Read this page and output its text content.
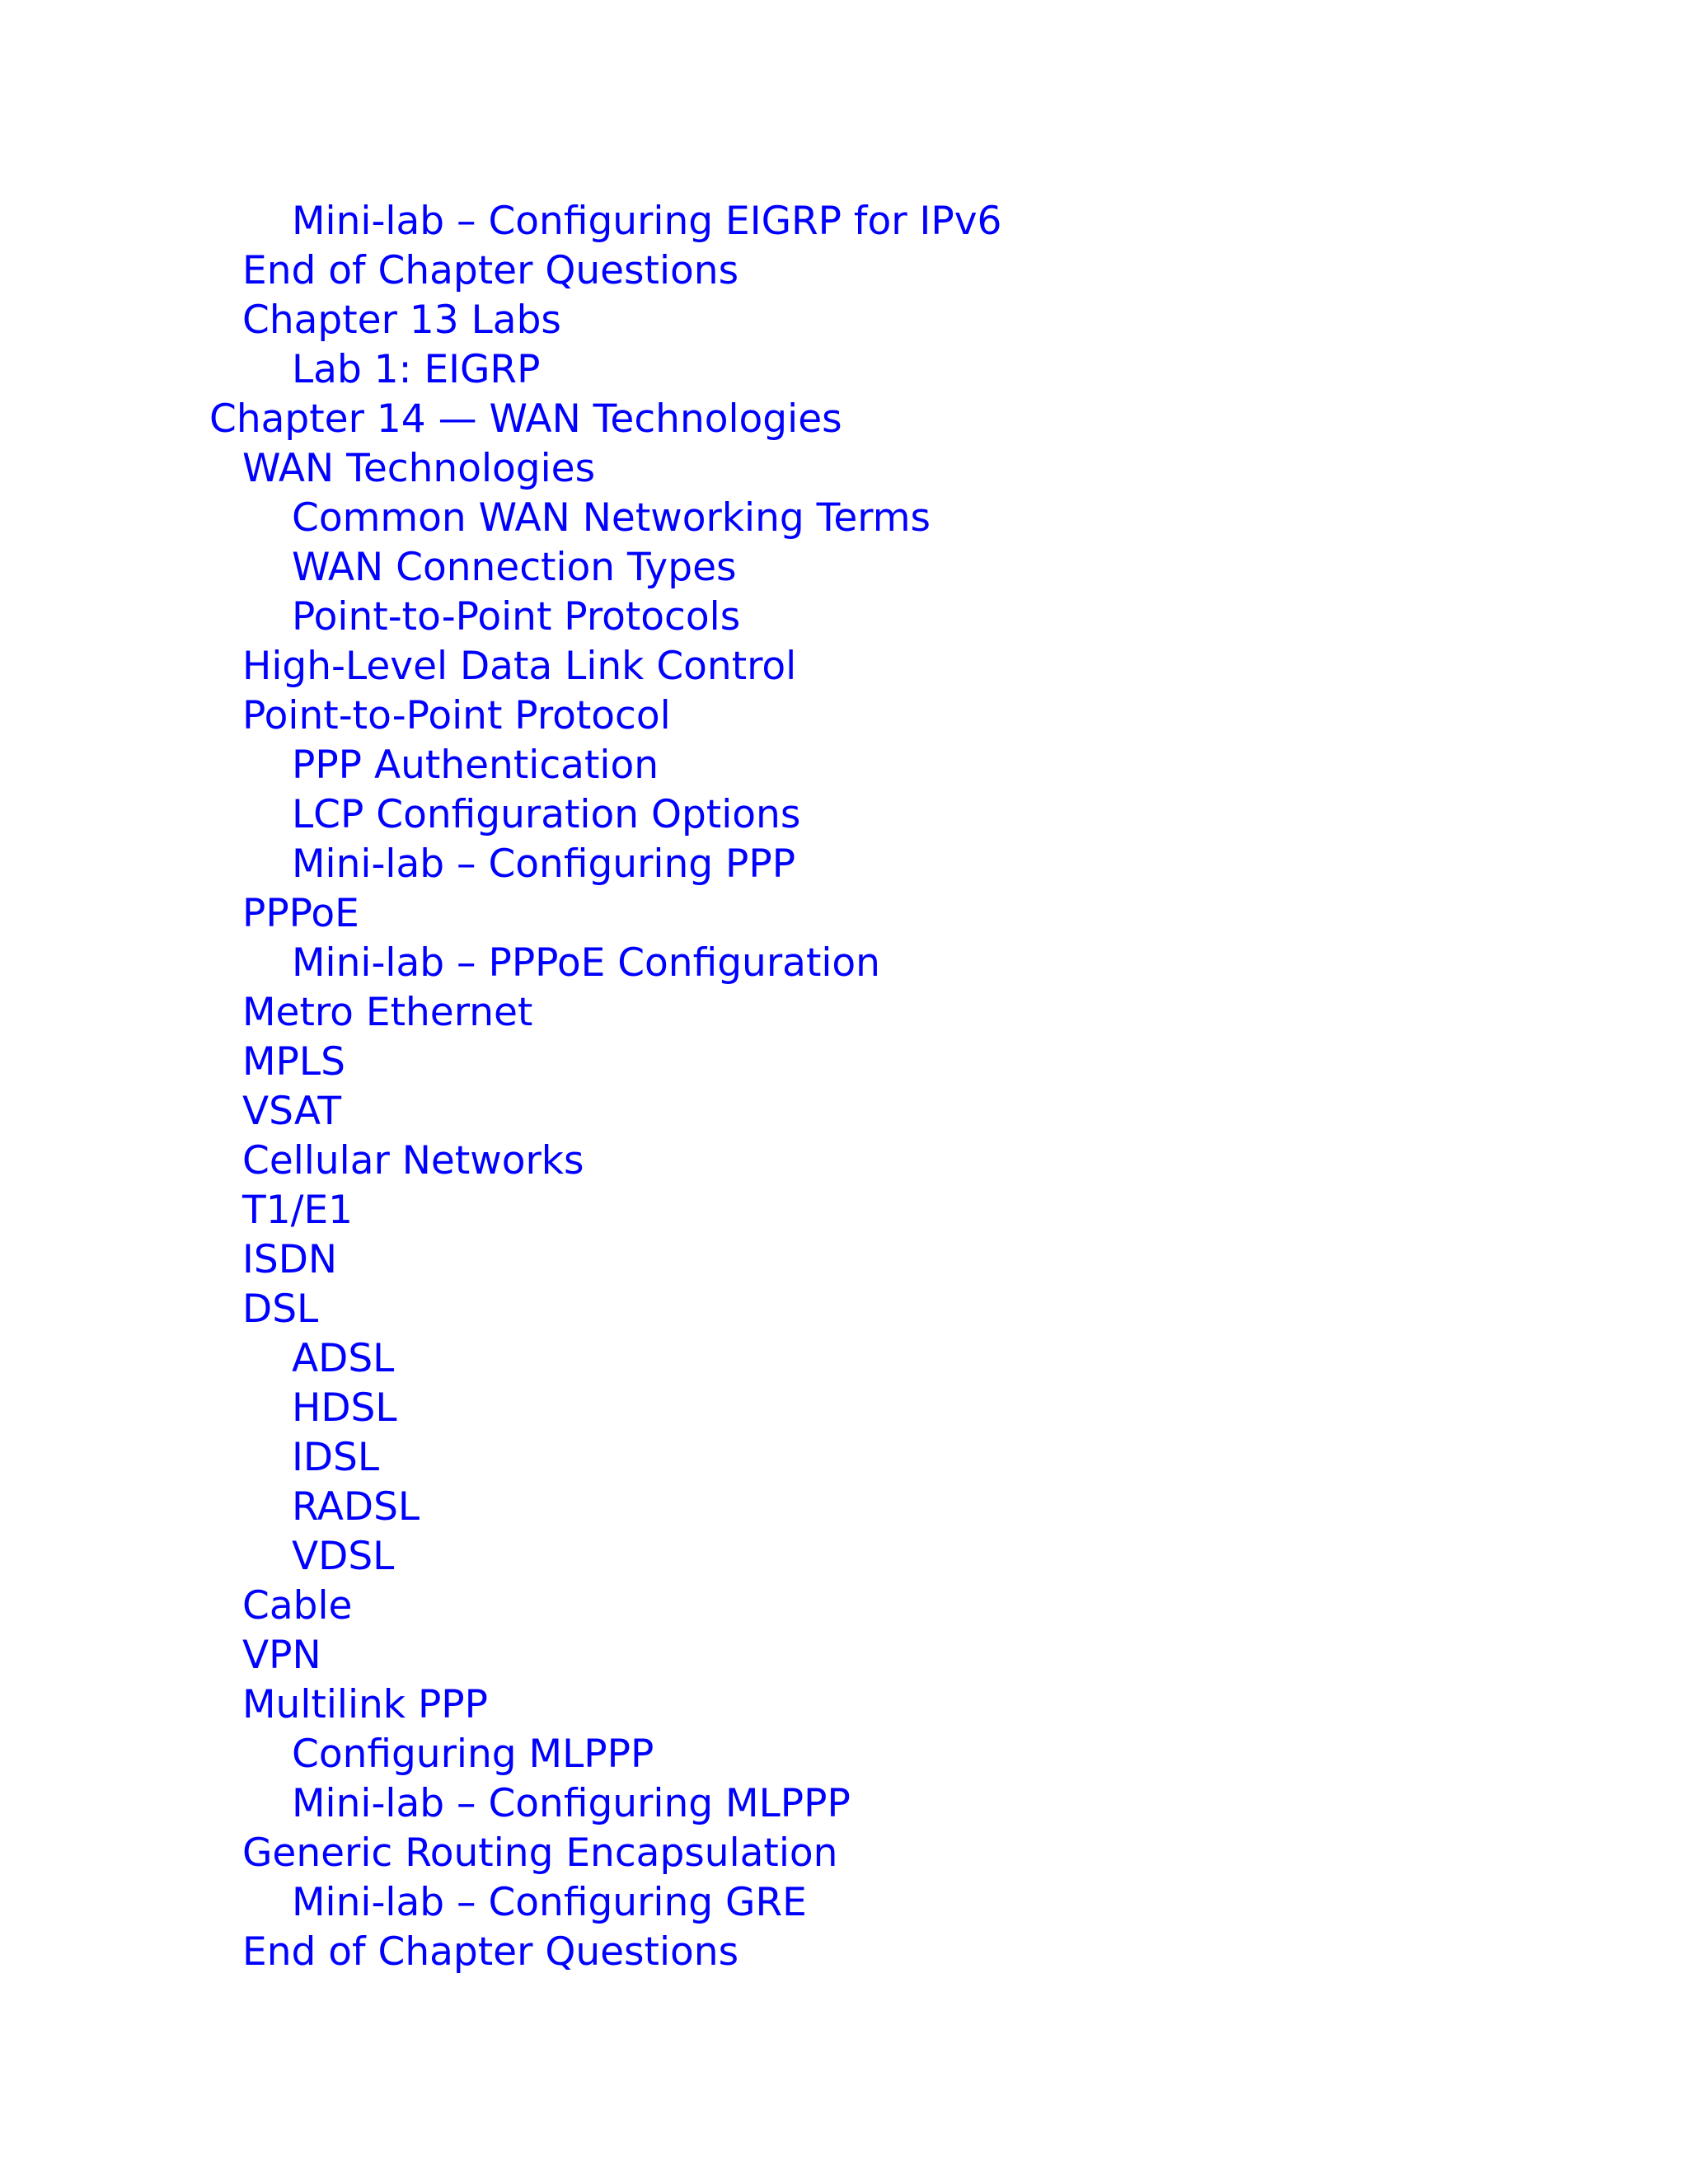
Mini-lab – Configuring EIGRP for IPv6
End of Chapter Questions
Chapter 13 Labs
Lab 1: EIGRP
Chapter 14 — WAN Technologies
WAN Technologies
Common WAN Networking Terms
WAN Connection Types
Point-to-Point Protocols
High-Level Data Link Control
Point-to-Point Protocol
PPP Authentication
LCP Configuration Options
Mini-lab – Configuring PPP
PPPoE
Mini-lab – PPPoE Configuration
Metro Ethernet
MPLS
VSAT
Cellular Networks
T1/E1
ISDN
DSL
ADSL
HDSL
IDSL
RADSL
VDSL
Cable
VPN
Multilink PPP
Configuring MLPPP
Mini-lab – Configuring MLPPP
Generic Routing Encapsulation
Mini-lab – Configuring GRE
End of Chapter Questions
